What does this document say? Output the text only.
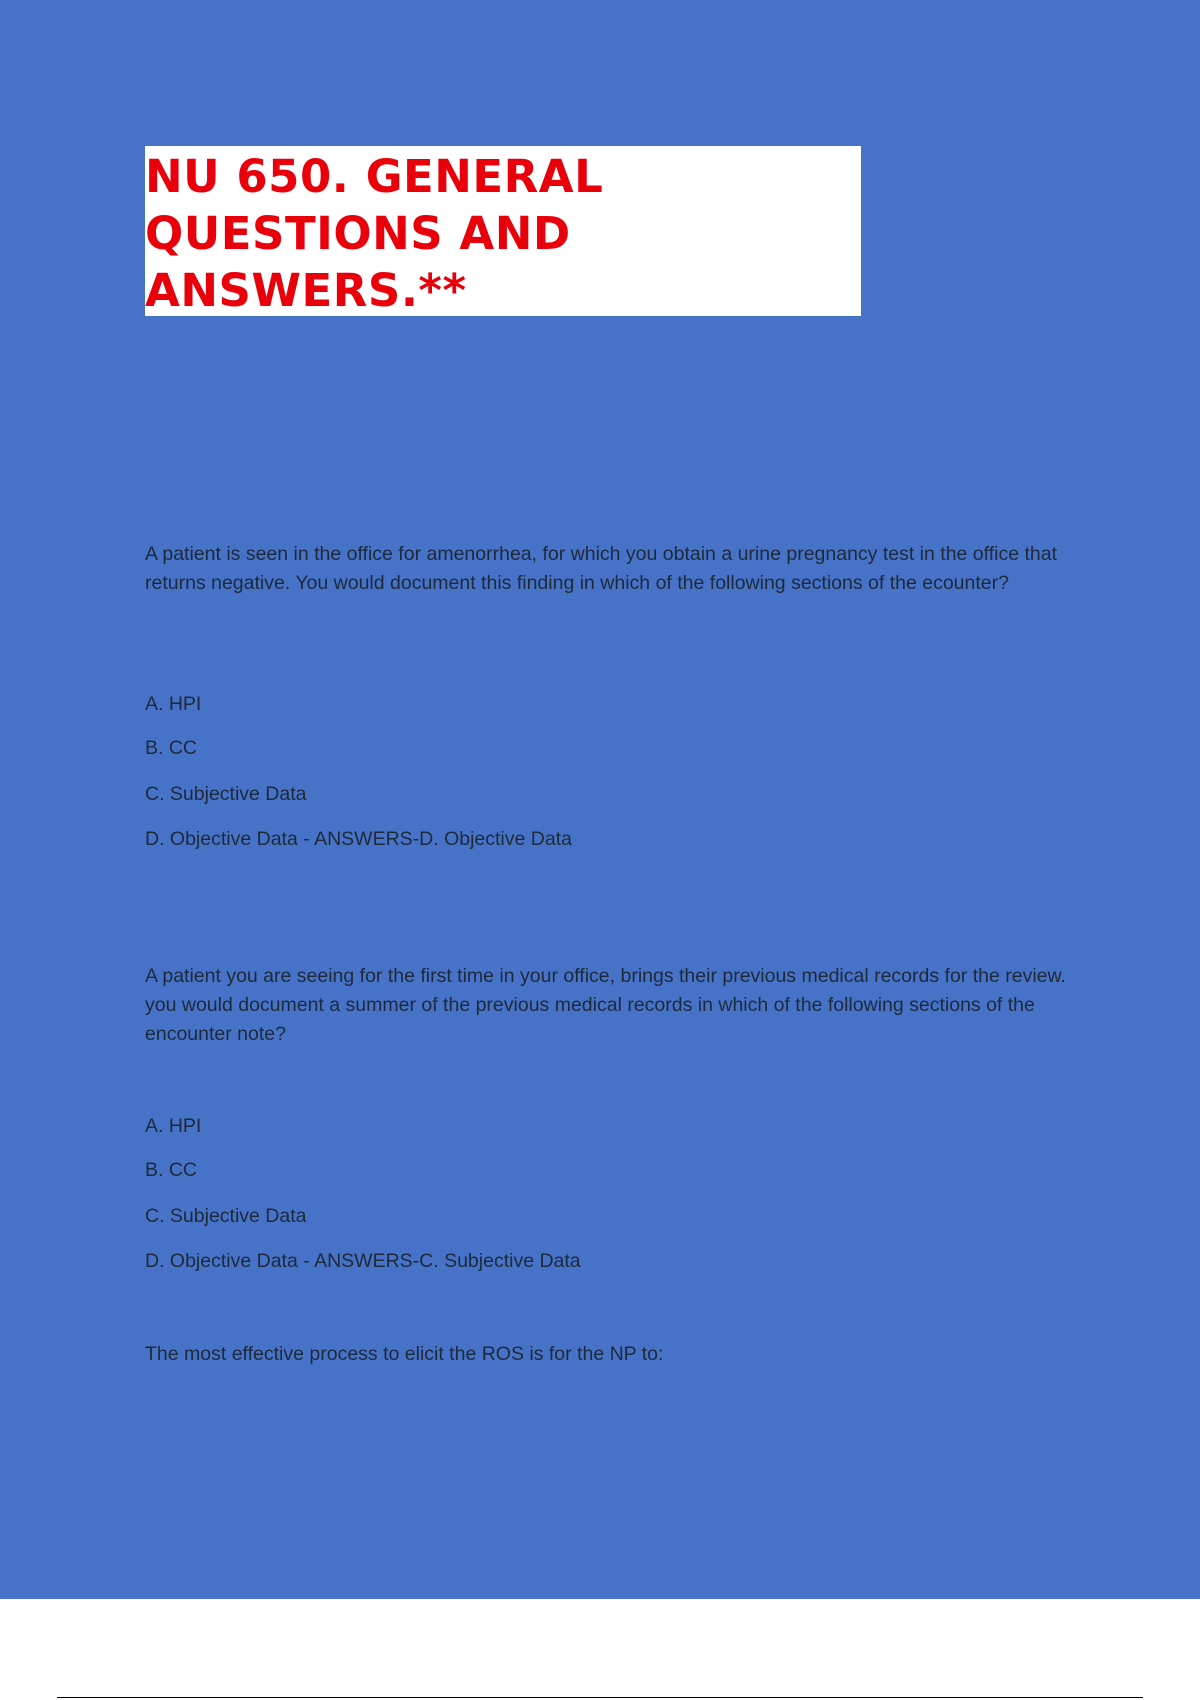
NU 650. GENERAL QUESTIONS AND ANSWERS.**

A patient is seen in the office for amenorrhea, for which you obtain a urine pregnancy test in the office that returns negative. You would document this finding in which of the following sections of the ecounter?

A. HPI

B. CC

C. Subjective Data

D. Objective Data - ANSWERS-D. Objective Data

A patient you are seeing for the first time in your office, brings their previous medical records for the review. you would document a summer of the previous medical records in which of the following sections of the encounter note?

A. HPI

B. CC

C. Subjective Data

D. Objective Data - ANSWERS-C. Subjective Data

The most effective process to elicit the ROS is for the NP to:
